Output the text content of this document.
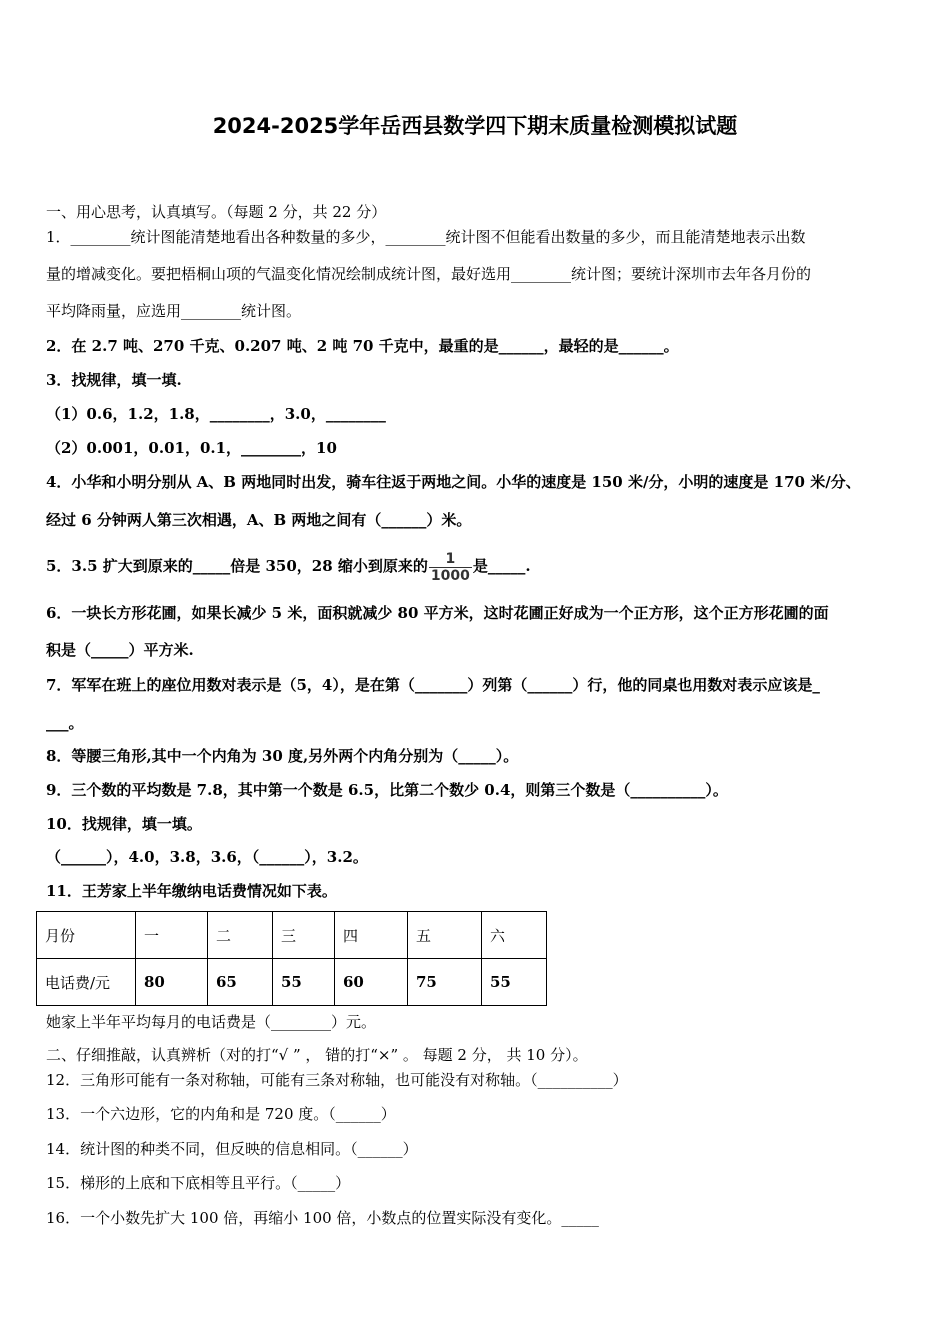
2024-2025学年岳西县数学四下期末质量检测模拟试题
一、用心思考，认真填写。（每题 2 分，共 22 分）
1．________统计图能清楚地看出各种数量的多少，________统计图不但能看出数量的多少，而且能清楚地表示出数
量的增减变化。要把梧桐山项的气温变化情况绘制成统计图，最好选用________统计图；要统计深圳市去年各月份的
平均降雨量，应选用________统计图。
2．在 2.7 吨、270 千克、0.207 吨、2 吨 70 千克中，最重的是______，最轻的是______。
3．找规律，填一填.
（1）0.6，1.2，1.8，________，3.0，________
（2）0.001，0.01，0.1，________，10
4．小华和小明分别从 A、B 两地同时出发，骑车往返于两地之间。小华的速度是 150 米/分，小明的速度是 170 米/分、
经过 6 分钟两人第三次相遇，A、B 两地之间有（______）米。
5．3.5 扩大到原来的_____倍是 350，28 缩小到原来的 $\frac{1}{1000}$ 是_____.
6．一块长方形花圃，如果长减少 5 米，面积就减少 80 平方米，这时花圃正好成为一个正方形，这个正方形花圃的面
积是（_____）平方米.
7．军军在班上的座位用数对表示是（5，4），是在第（_______）列第（______）行，他的同桌也用数对表示应该是_
___。
8．等腰三角形,其中一个内角为 30 度,另外两个内角分别为（_____）。
9．三个数的平均数是 7.8，其中第一个数是 6.5，比第二个数少 0.4，则第三个数是（__________）。
10．找规律，填一填。
（______），4.0，3.8，3.6，（______），3.2。
11．王芳家上半年缴纳电话费情况如下表。
月份	一	二	三	四	五	六
电话费/元	80	65	55	60	75	55
她家上半年平均每月的电话费是（________）元。
二、仔细推敲，认真辨析（对的打“√ ” ， 错的打“×” 。 每题 2 分， 共 10 分）。
12．三角形可能有一条对称轴，可能有三条对称轴，也可能没有对称轴。（__________）
13．一个六边形，它的内角和是 720 度。（______）
14．统计图的种类不同，但反映的信息相同。（______）
15．梯形的上底和下底相等且平行。（_____）
16．一个小数先扩大 100 倍，再缩小 100 倍，小数点的位置实际没有变化。_____
